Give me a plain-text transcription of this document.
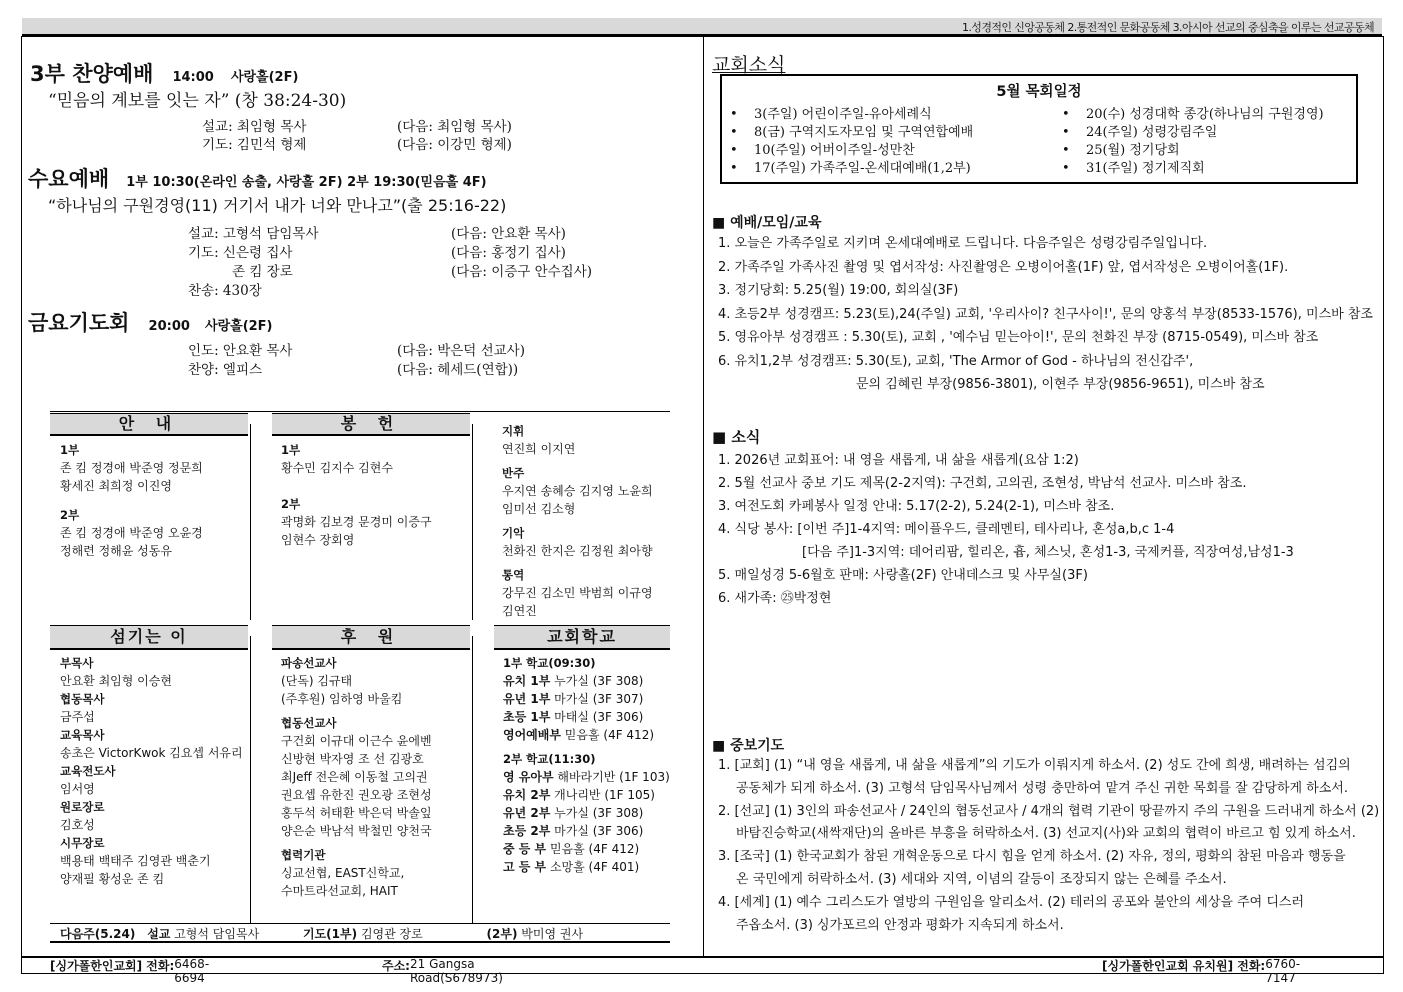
1.성경적인 신앙공동체 2.통전적인 문화공동체 3.아시아 선교의 중심축을 이루는 선교공동체
3부 찬양예배 14:00 사랑홀(2F)
“믿음의 계보를 잇는 자” (창 38:24-30)
설교: 최임형 목사	(다음: 최임형 목사)
기도: 김민석 형제	(다음: 이강민 형제)
수요예배 1부 10:30(온라인 송출, 사랑홀 2F) 2부 19:30(믿음홀 4F)
“하나님의 구원경영(11) 거기서 내가 너와 만나고”(출 25:16-22)
설교: 고형석 담임목사	(다음: 안요환 목사)
기도: 신은령 집사	(다음: 홍정기 집사)
존 킴 장로	(다음: 이증구 안수집사)
찬송: 430장
금요기도회 20:00 사랑홀(2F)
인도: 안요환 목사	(다음: 박은덕 선교사)
찬양: 엘피스	(다음: 헤세드(연합))
안 내
1부
존 킴 정경애 박준영 정문희
황세진 최희정 이진영
2부
존 킴 정경애 박준영 오윤경
정해련 정해윤 성동유
봉 헌
1부
황수민 김지수 김현수
2부
곽명화 김보경 문경미 이증구
임현수 장회영
지휘
연진희 이지연
반주
우지연 송혜승 김지영 노윤희
임미선 김소형
기악
천화진 한지은 김정원 최아향
통역
강무진 김소민 박범희 이규영
김연진
섬기는 이
부목사
안요환 최임형 이승현
협동목사
금주섭
교육목사
송초은 VictorKwok 김요셉 서유리
교육전도사
임서영
원로장로
김호성
시무장로
백용태 백태주 김영관 백춘기
양재필 황성운 존 킴
후 원
파송선교사
(단독) 김규태
(주후원) 임하영 바울킴
협동선교사
구건회 이규대 이근수 윤에벤
신방현 박자영 조 선 김광호
최Jeff 전은혜 이동철 고의권
권요셉 유한진 권오광 조현성
홍두석 허태환 박은덕 박솔잎
양은순 박남석 박철민 양천국
협력기관
싱교선협, EAST신학교,
수마트라선교회, HAIT
교회학교
1부 학교(09:30)
유치 1부 누가실 (3F 308)
유년 1부 마가실 (3F 307)
초등 1부 마태실 (3F 306)
영어예배부 믿음홀 (4F 412)
2부 학교(11:30)
영 유아부 해바라기반 (1F 103)
유치 2부 개나리반 (1F 105)
유년 2부 누가실 (3F 308)
초등 2부 마가실 (3F 306)
중 등 부 믿음홀 (4F 412)
고 등 부 소망홀 (4F 401)
다음주(5.24) 설교 고형석 담임목사	기도(1부) 김영관 장로	(2부) 박미영 권사
교회소식
5월 목회일정
• 3(주일) 어린이주일-유아세례식
• 8(금) 구역지도자모임 및 구역연합예배
• 10(주일) 어버이주일-성만찬
• 17(주일) 가족주일-온세대예배(1,2부)
• 20(수) 성경대학 종강(하나님의 구원경영)
• 24(주일) 성령강림주일
• 25(월) 정기당회
• 31(주일) 정기제직회
■ 예배/모임/교육
1. 오늘은 가족주일로 지키며 온세대예배로 드립니다. 다음주일은 성령강림주일입니다.
2. 가족주일 가족사진 촬영 및 엽서작성: 사진촬영은 오병이어홀(1F) 앞, 엽서작성은 오병이어홀(1F).
3. 정기당회: 5.25(월) 19:00, 회의실(3F)
4. 초등2부 성경캠프: 5.23(토),24(주일) 교회, '우리사이? 친구사이!', 문의 양홍석 부장(8533-1576), 미스바 참조
5. 영유아부 성경캠프 : 5.30(토), 교회 , '예수님 믿는아이!', 문의 천화진 부장 (8715-0549), 미스바 참조
6. 유치1,2부 성경캠프: 5.30(토), 교회, 'The Armor of God - 하나님의 전신갑주',
문의 김혜린 부장(9856-3801), 이현주 부장(9856-9651), 미스바 참조
■ 소식
1. 2026년 교회표어: 내 영을 새롭게, 내 삶을 새롭게(요삼 1:2)
2. 5월 선교사 중보 기도 제목(2-2지역): 구건회, 고의권, 조현성, 박남석 선교사. 미스바 참조.
3. 여전도회 카페봉사 일정 안내: 5.17(2-2), 5.24(2-1), 미스바 참조.
4. 식당 봉사: [이번 주]1-4지역: 메이플우드, 클레멘티, 테사리나, 혼성a,b,c 1-4
[다음 주]1-3지역: 데어리팜, 힐리온, 흄, 체스닛, 혼성1-3, 국제커플, 직장여성,남성1-3
5. 매일성경 5-6월호 판매: 사랑홀(2F) 안내데스크 및 사무실(3F)
6. 새가족: ㉕박정현
■ 중보기도
1. [교회] (1) “내 영을 새롭게, 내 삶을 새롭게”의 기도가 이뤄지게 하소서. (2) 성도 간에 희생, 배려하는 섬김의
공동체가 되게 하소서. (3) 고형석 담임목사님께서 성령 충만하여 맡겨 주신 귀한 목회를 잘 감당하게 하소서.
2. [선교] (1) 3인의 파송선교사 / 24인의 협동선교사 / 4개의 협력 기관이 땅끝까지 주의 구원을 드러내게 하소서 (2)
바탐진승학교(새싹재단)의 올바른 부흥을 허락하소서. (3) 선교지(사)와 교회의 협력이 바르고 힘 있게 하소서.
3. [조국] (1) 한국교회가 참된 개혁운동으로 다시 힘을 얻게 하소서. (2) 자유, 정의, 평화의 참된 마음과 행동을
온 국민에게 허락하소서. (3) 세대와 지역, 이념의 갈등이 조장되지 않는 은혜를 주소서.
4. [세계] (1) 예수 그리스도가 열방의 구원임을 알리소서. (2) 테러의 공포와 불안의 세상을 주여 디스러
주옵소서. (3) 싱가포르의 안정과 평화가 지속되게 하소서.
[싱가폴한인교회] 전화: 6468-6694
주소: 21 Gangsa Road(S678973)
[싱가폴한인교회 유치원] 전화: 6760-7147
